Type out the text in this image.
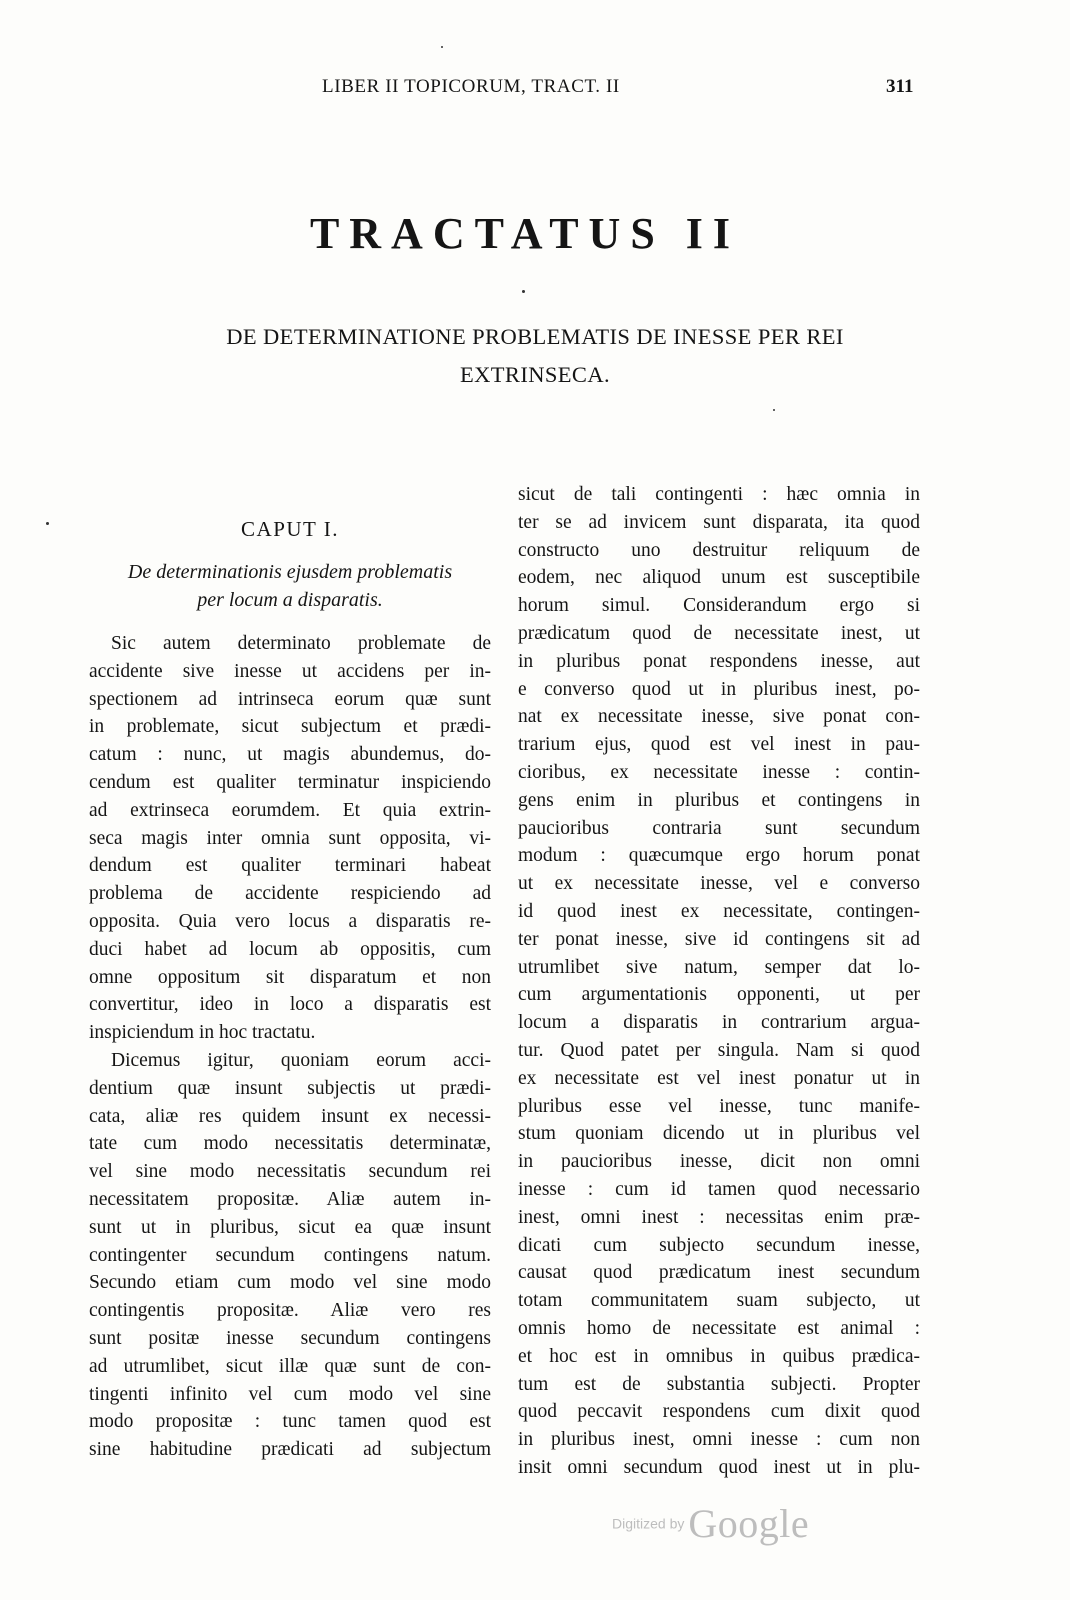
LIBER II TOPICORUM, TRACT. II	311
TRACTATUS II
DE DETERMINATIONE PROBLEMATIS DE INESSE PER REI
EXTRINSECA.
CAPUT I.
De determinationis ejusdem problematis
per locum a disparatis.
Sic autem determinato problemate de
accidente sive inesse ut accidens per in-
spectionem ad intrinseca eorum quæ sunt
in problemate, sicut subjectum et prædi-
catum : nunc, ut magis abundemus, do-
cendum est qualiter terminatur inspiciendo
ad extrinseca eorumdem. Et quia extrin-
seca magis inter omnia sunt opposita, vi-
dendum est qualiter terminari habeat
problema de accidente respiciendo ad
opposita. Quia vero locus a disparatis re-
duci habet ad locum ab oppositis, cum
omne oppositum sit disparatum et non
convertitur, ideo in loco a disparatis est
inspiciendum in hoc tractatu.
Dicemus igitur, quoniam eorum acci-
dentium quæ insunt subjectis ut prædi-
cata, aliæ res quidem insunt ex necessi-
tate cum modo necessitatis determinatæ,
vel sine modo necessitatis secundum rei
necessitatem propositæ. Aliæ autem in-
sunt ut in pluribus, sicut ea quæ insunt
contingenter secundum contingens natum.
Secundo etiam cum modo vel sine modo
contingentis propositæ. Aliæ vero res
sunt positæ inesse secundum contingens
ad utrumlibet, sicut illæ quæ sunt de con-
tingenti infinito vel cum modo vel sine
modo propositæ : tunc tamen quod est
sine habitudine prædicati ad subjectum
sicut de tali contingenti : hæc omnia in
ter se ad invicem sunt disparata, ita quod
constructo uno destruitur reliquum de
eodem, nec aliquod unum est susceptibile
horum simul. Considerandum ergo si
prædicatum quod de necessitate inest, ut
in pluribus ponat respondens inesse, aut
e converso quod ut in pluribus inest, po-
nat ex necessitate inesse, sive ponat con-
trarium ejus, quod est vel inest in pau-
cioribus, ex necessitate inesse : contin-
gens enim in pluribus et contingens in
paucioribus contraria sunt secundum
modum : quæcumque ergo horum ponat
ut ex necessitate inesse, vel e converso
id quod inest ex necessitate, contingen-
ter ponat inesse, sive id contingens sit ad
utrumlibet sive natum, semper dat lo-
cum argumentationis opponenti, ut per
locum a disparatis in contrarium argua-
tur. Quod patet per singula. Nam si quod
ex necessitate est vel inest ponatur ut in
pluribus esse vel inesse, tunc manife-
stum quoniam dicendo ut in pluribus vel
in paucioribus inesse, dicit non omni
inesse : cum id tamen quod necessario
inest, omni inest : necessitas enim præ-
dicati cum subjecto secundum inesse,
causat quod prædicatum inest secundum
totam communitatem suam subjecto, ut
omnis homo de necessitate est animal :
et hoc est in omnibus in quibus prædica-
tum est de substantia subjecti. Propter
quod peccavit respondens cum dixit quod
in pluribus inest, omni inesse : cum non
insit omni secundum quod inest ut in plu-
Digitized by Google
